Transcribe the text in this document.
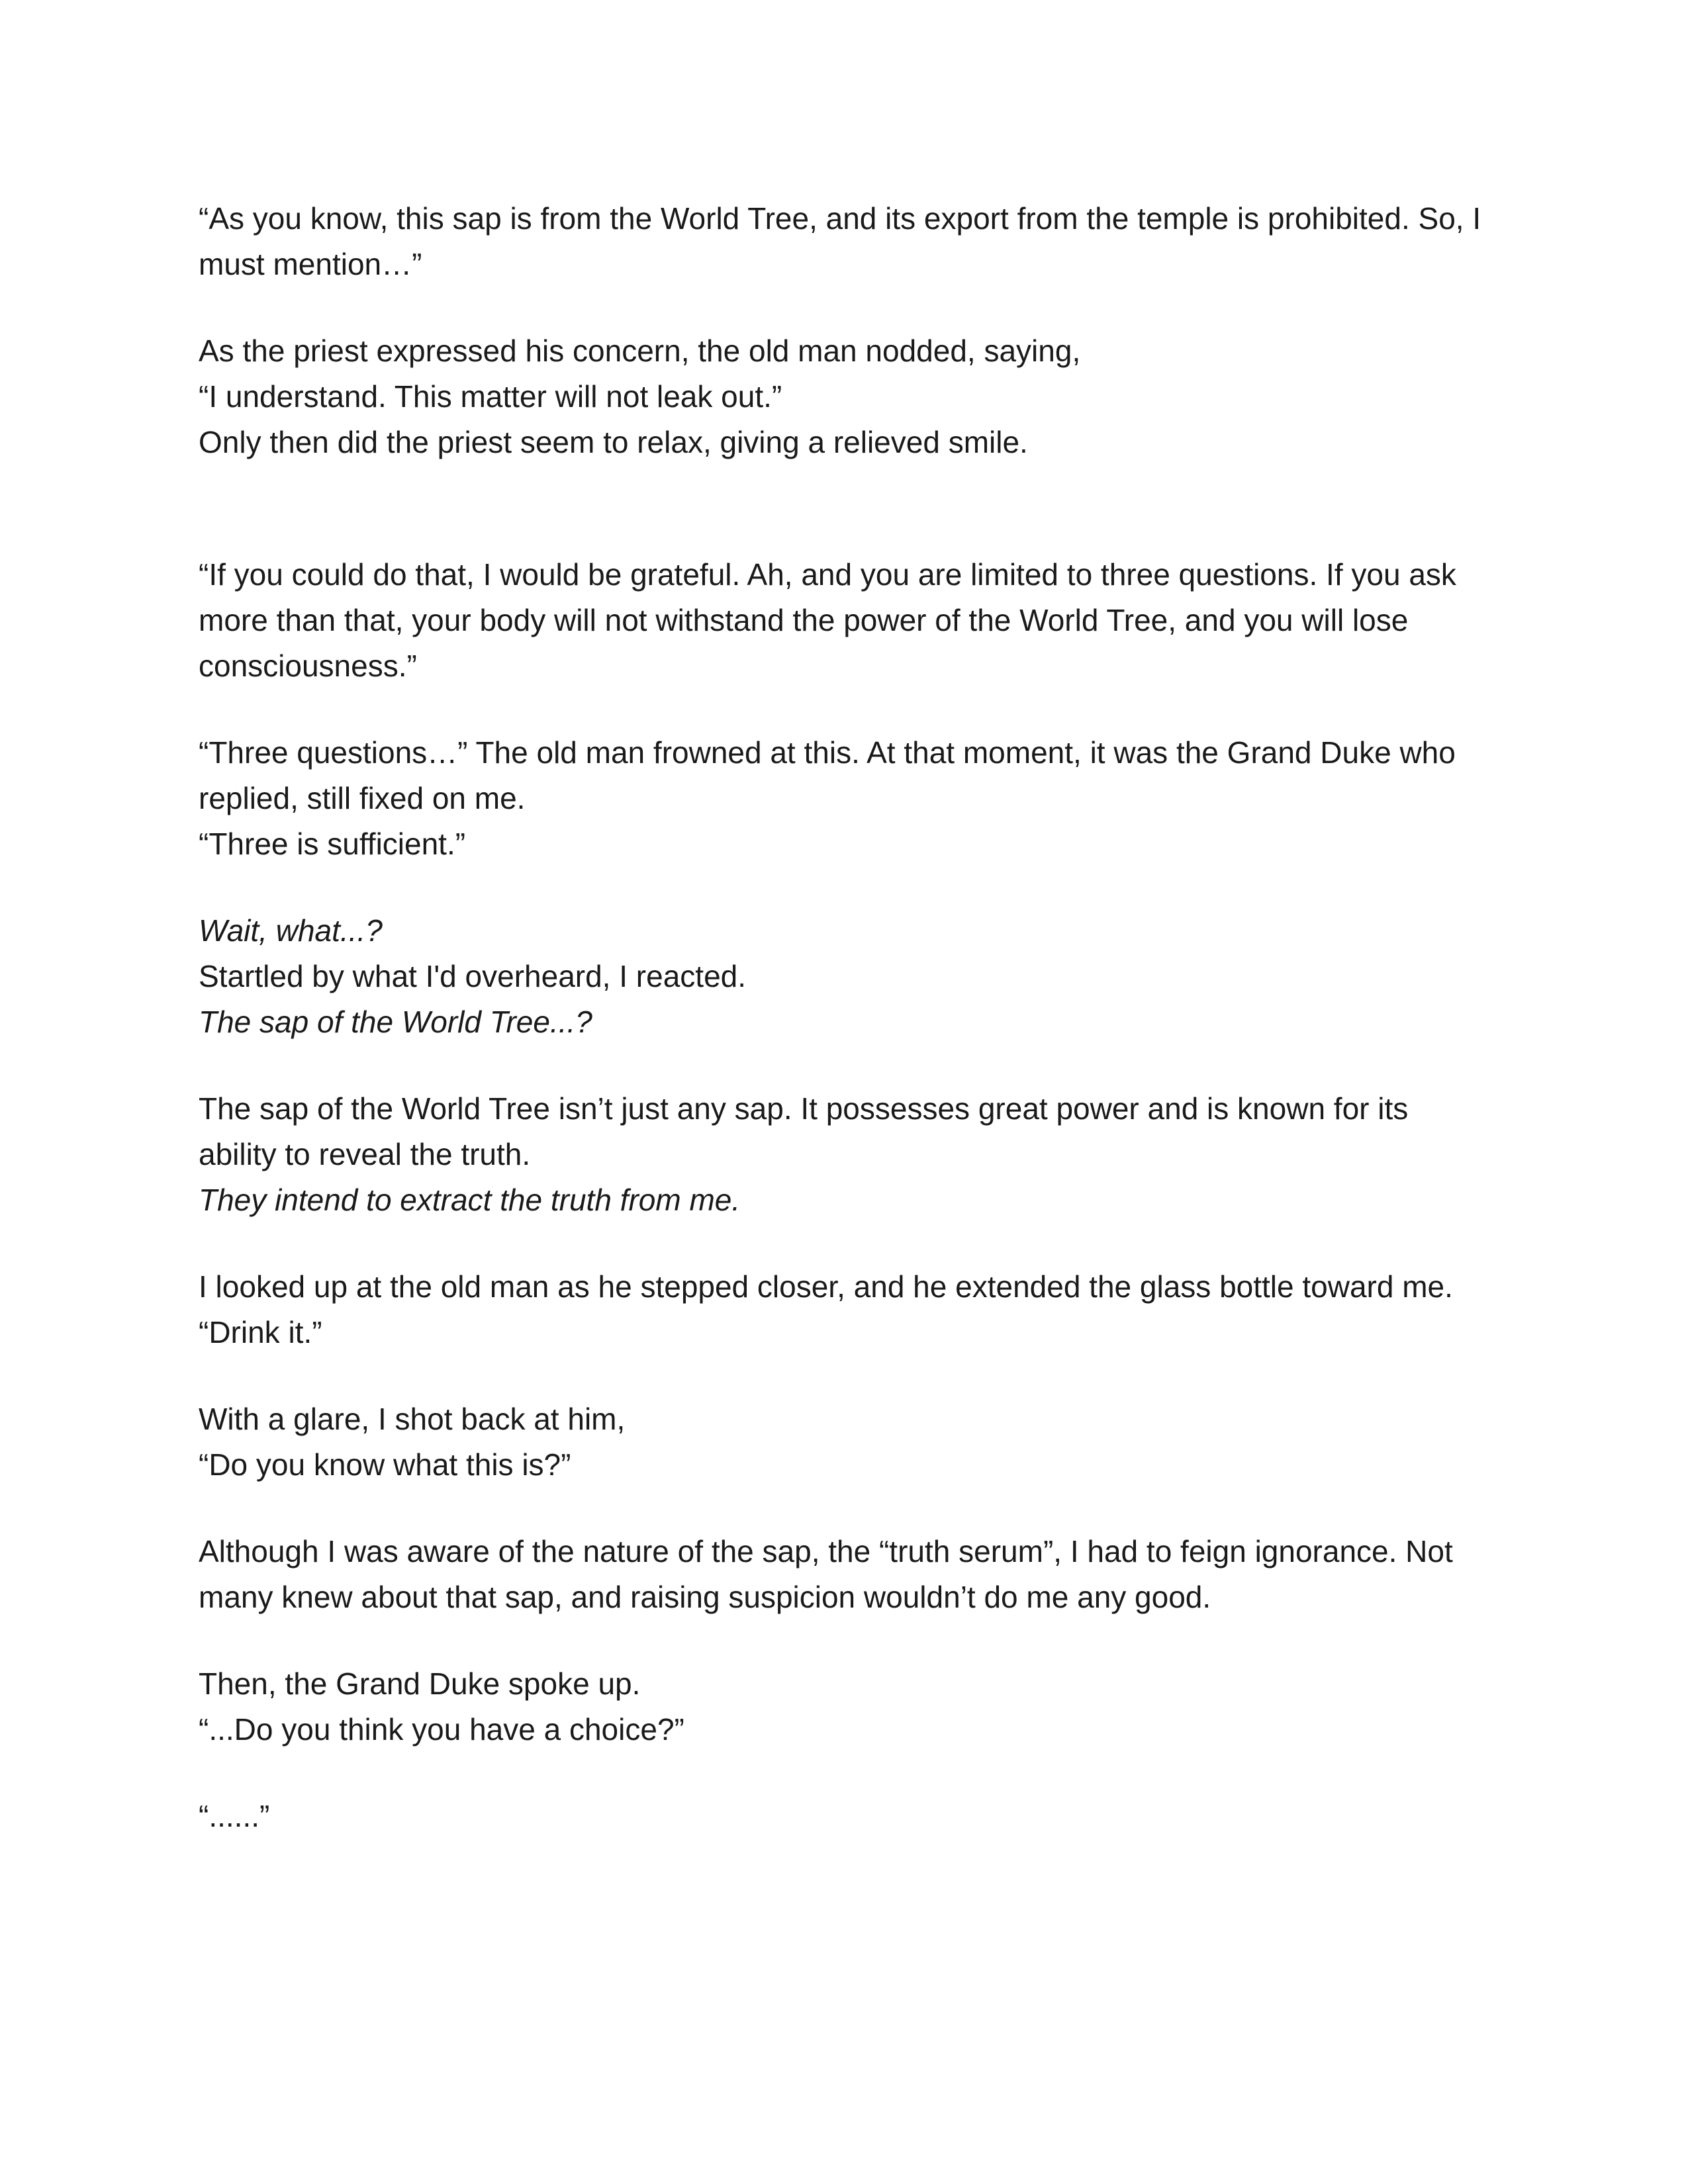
“As you know, this sap is from the World Tree, and its export from the temple is prohibited. So, I must mention…”
As the priest expressed his concern, the old man nodded, saying,
“I understand. This matter will not leak out.”
Only then did the priest seem to relax, giving a relieved smile.
“If you could do that, I would be grateful. Ah, and you are limited to three questions. If you ask more than that, your body will not withstand the power of the World Tree, and you will lose consciousness.”
“Three questions…” The old man frowned at this. At that moment, it was the Grand Duke who replied, still fixed on me.
“Three is sufficient.”
Wait, what...?
Startled by what I'd overheard, I reacted.
The sap of the World Tree...?
The sap of the World Tree isn’t just any sap. It possesses great power and is known for its ability to reveal the truth.
They intend to extract the truth from me.
I looked up at the old man as he stepped closer, and he extended the glass bottle toward me.
“Drink it.”
With a glare, I shot back at him,
“Do you know what this is?”
Although I was aware of the nature of the sap, the “truth serum”, I had to feign ignorance. Not many knew about that sap, and raising suspicion wouldn’t do me any good.
Then, the Grand Duke spoke up.
“...Do you think you have a choice?”
“......”
